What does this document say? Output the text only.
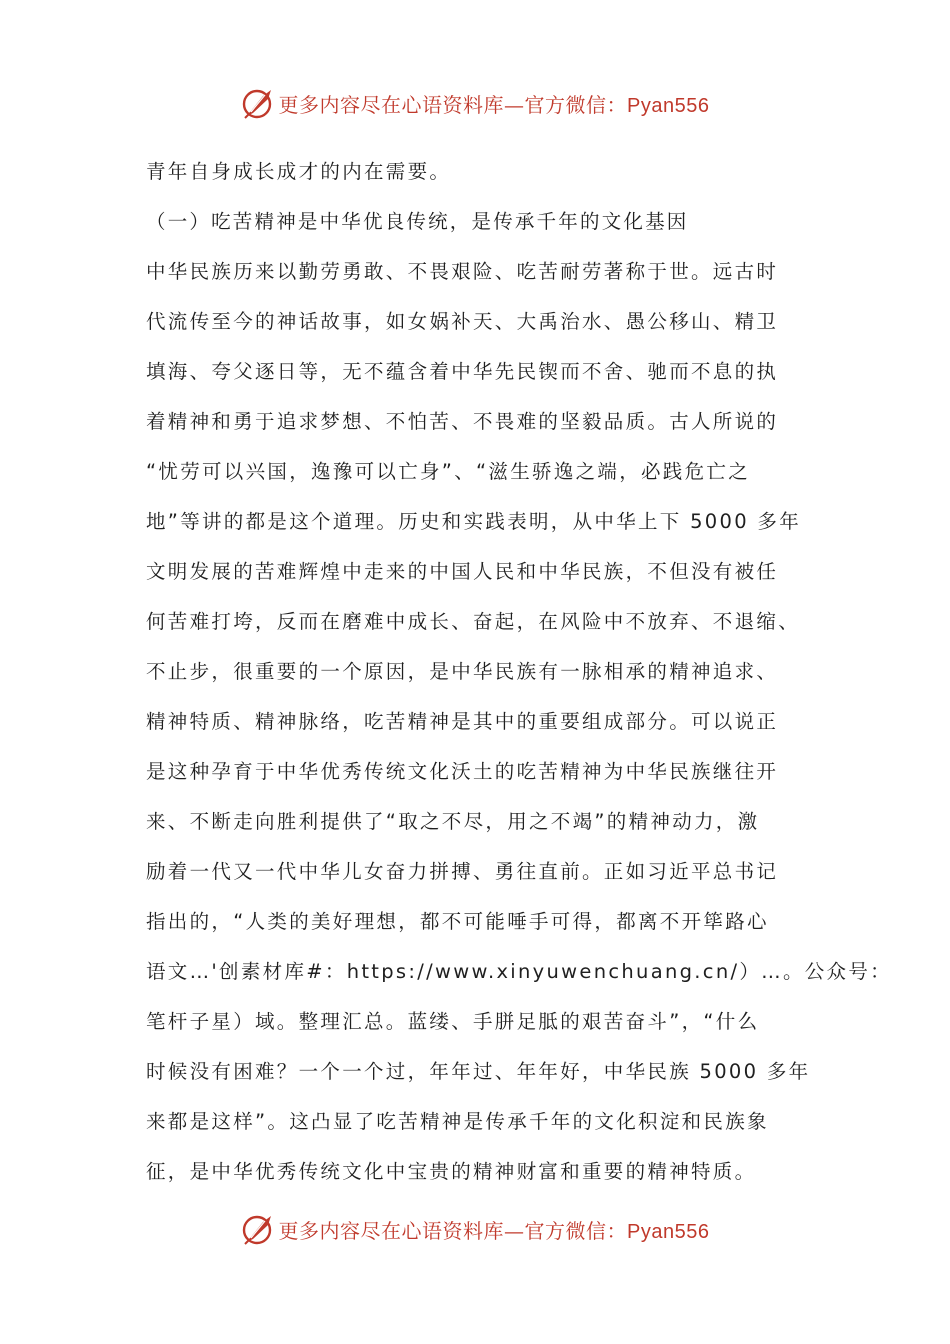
更多内容尽在心语资料库—官方微信：Pyan556
青年自身成长成才的内在需要。
（一）吃苦精神是中华优良传统，是传承千年的文化基因
中华民族历来以勤劳勇敢、不畏艰险、吃苦耐劳著称于世。远古时
代流传至今的神话故事，如女娲补天、大禹治水、愚公移山、精卫
填海、夸父逐日等，无不蕴含着中华先民锲而不舍、驰而不息的执
着精神和勇于追求梦想、不怕苦、不畏难的坚毅品质。古人所说的
“忧劳可以兴国，逸豫可以亡身”、“滋生骄逸之端，必践危亡之
地”等讲的都是这个道理。历史和实践表明，从中华上下 5000 多年
文明发展的苦难辉煌中走来的中国人民和中华民族，不但没有被任
何苦难打垮，反而在磨难中成长、奋起，在风险中不放弃、不退缩、
不止步，很重要的一个原因，是中华民族有一脉相承的精神追求、
精神特质、精神脉络，吃苦精神是其中的重要组成部分。可以说正
是这种孕育于中华优秀传统文化沃土的吃苦精神为中华民族继往开
来、不断走向胜利提供了“取之不尽，用之不竭”的精神动力，激
励着一代又一代中华儿女奋力拼搏、勇往直前。正如习近平总书记
指出的，“人类的美好理想，都不可能唾手可得，都离不开筚路心
语文…'创素材库#：https://www.xinyuwenchuang.cn/）…。公众号：
笔杆子星）域。整理汇总。蓝缕、手胼足胝的艰苦奋斗”，“什么
时候没有困难？一个一个过，年年过、年年好，中华民族 5000 多年
来都是这样”。这凸显了吃苦精神是传承千年的文化积淀和民族象
征，是中华优秀传统文化中宝贵的精神财富和重要的精神特质。
更多内容尽在心语资料库—官方微信：Pyan556
